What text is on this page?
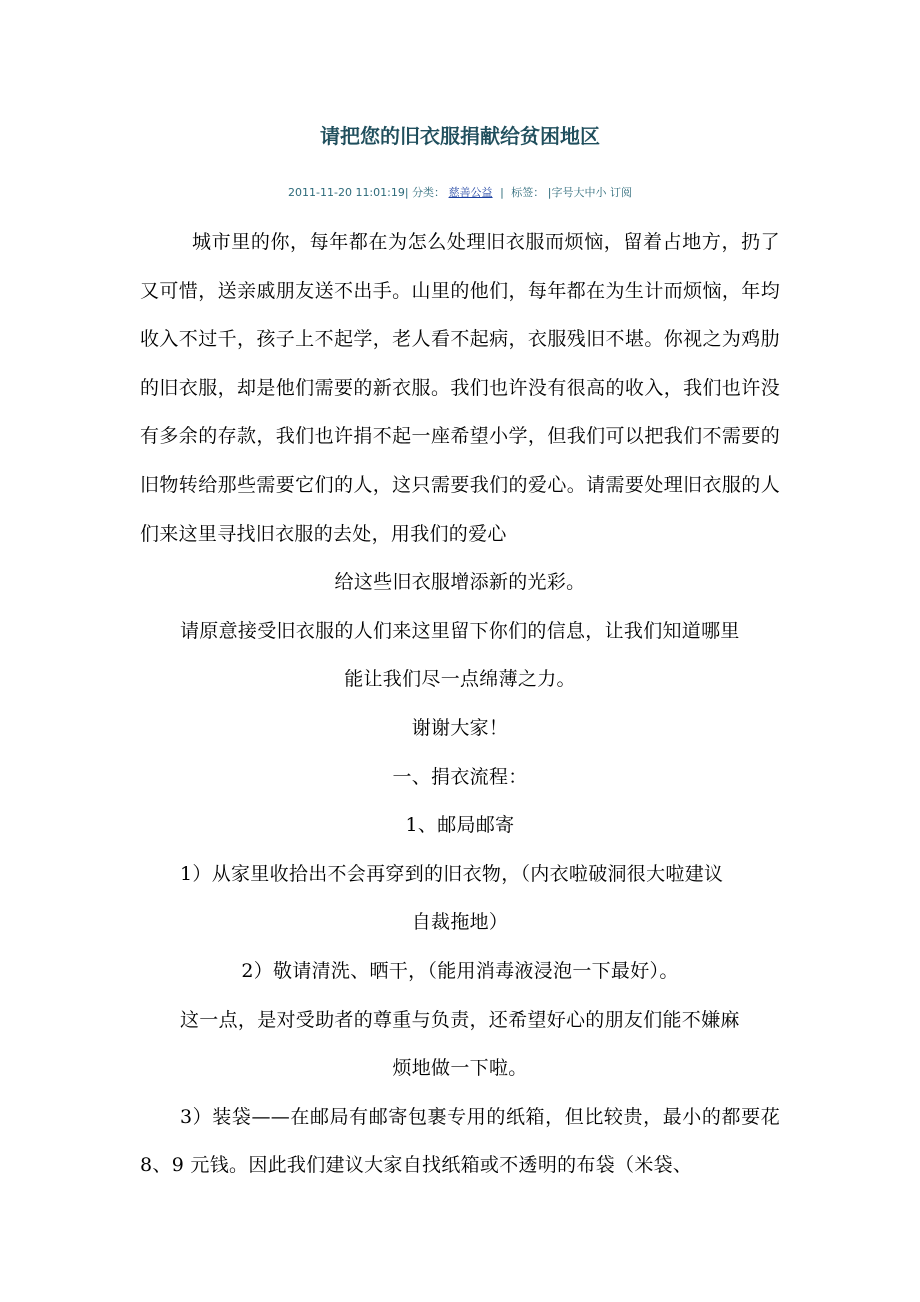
请把您的旧衣服捐献给贫困地区
2011-11-20 11:01:19| 分类： 慈善公益 | 标签： |字号大中小 订阅

城市里的你，每年都在为怎么处理旧衣服而烦恼，留着占地方，扔了又可惜，送亲戚朋友送不出手。山里的他们，每年都在为生计而烦恼，年均收入不过千，孩子上不起学，老人看不起病，衣服残旧不堪。你视之为鸡肋的旧衣服，却是他们需要的新衣服。我们也许没有很高的收入，我们也许没有多余的存款，我们也许捐不起一座希望小学，但我们可以把我们不需要的旧物转给那些需要它们的人，这只需要我们的爱心。请需要处理旧衣服的人们来这里寻找旧衣服的去处，用我们的爱心

给这些旧衣服增添新的光彩。

请原意接受旧衣服的人们来这里留下你们的信息，让我们知道哪里

能让我们尽一点绵薄之力。

谢谢大家！

一、捐衣流程：

1、邮局邮寄

1）从家里收拾出不会再穿到的旧衣物，（内衣啦破洞很大啦建议

自裁拖地）

2）敬请清洗、晒干，（能用消毒液浸泡一下最好）。

这一点，是对受助者的尊重与负责，还希望好心的朋友们能不嫌麻

烦地做一下啦。

3）装袋——在邮局有邮寄包裹专用的纸箱，但比较贵，最小的都要花 8、9 元钱。因此我们建议大家自找纸箱或不透明的布袋（米袋、
